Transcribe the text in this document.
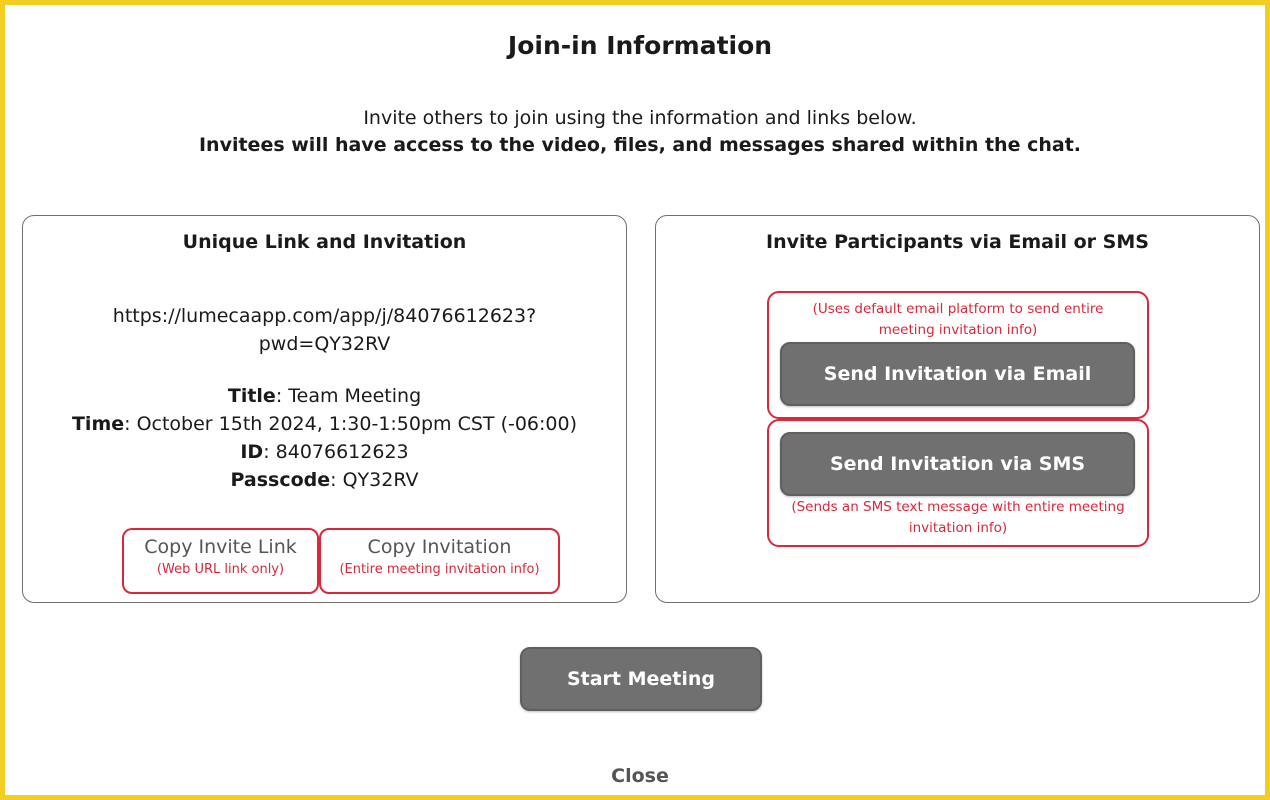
Join-in Information
Invite others to join using the information and links below.
Invitees will have access to the video, files, and messages shared within the chat.
Unique Link and Invitation
https://lumecaapp.com/app/j/84076612623?
pwd=QY32RV
Title: Team Meeting
Time: October 15th 2024, 1:30-1:50pm CST (-06:00)
ID: 84076612623
Passcode: QY32RV
Copy Invite Link
(Web URL link only)
Copy Invitation
(Entire meeting invitation info)
Invite Participants via Email or SMS
(Uses default email platform to send entire
meeting invitation info)
Send Invitation via Email
Send Invitation via SMS
(Sends an SMS text message with entire meeting
invitation info)
Start Meeting
Close
